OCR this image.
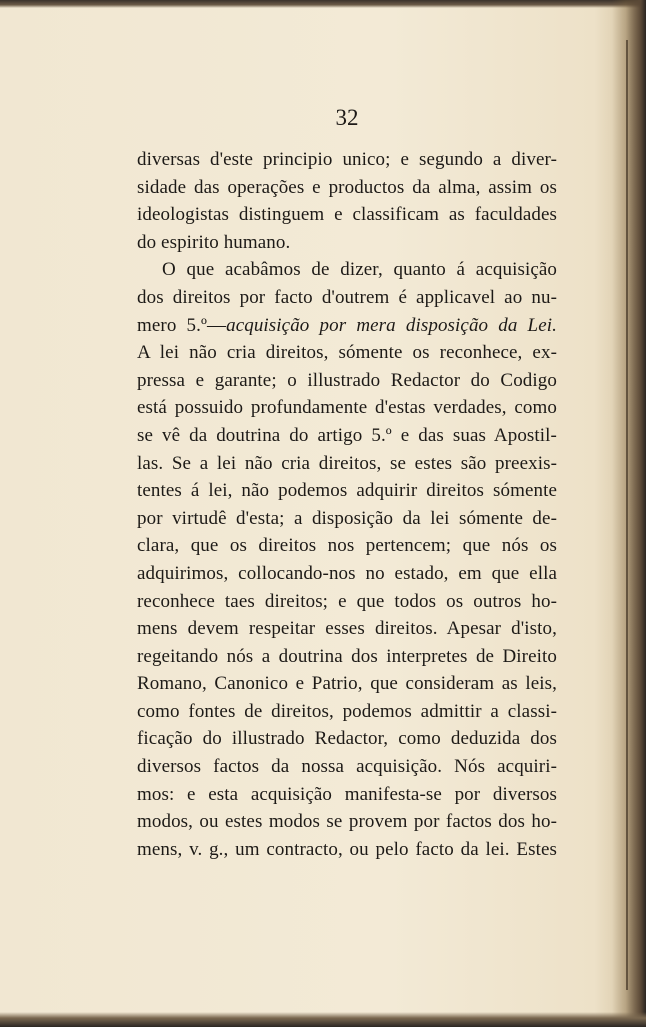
32
diversas d'este principio unico; e segundo a diver-
sidade das operações e productos da alma, assim os
ideologistas distinguem e classificam as faculdades
do espirito humano.
O que acabâmos de dizer, quanto á acquisição
dos direitos por facto d'outrem é applicavel ao nu-
mero 5.º—acquisição por mera disposição da Lei.
A lei não cria direitos, sómente os reconhece, ex-
pressa e garante; o illustrado Redactor do Codigo
está possuido profundamente d'estas verdades, como
se vê da doutrina do artigo 5.º e das suas Apostil-
las. Se a lei não cria direitos, se estes são preexis-
tentes á lei, não podemos adquirir direitos sómente
por virtudê d'esta; a disposição da lei sómente de-
clara, que os direitos nos pertencem; que nós os
adquirimos, collocando-nos no estado, em que ella
reconhece taes direitos; e que todos os outros ho-
mens devem respeitar esses direitos. Apesar d'isto,
regeitando nós a doutrina dos interpretes de Direito
Romano, Canonico e Patrio, que consideram as leis,
como fontes de direitos, podemos admittir a classi-
ficação do illustrado Redactor, como deduzida dos
diversos factos da nossa acquisição. Nós acquiri-
mos: e esta acquisição manifesta-se por diversos
modos, ou estes modos se provem por factos dos ho-
mens, v. g., um contracto, ou pelo facto da lei. Estes
